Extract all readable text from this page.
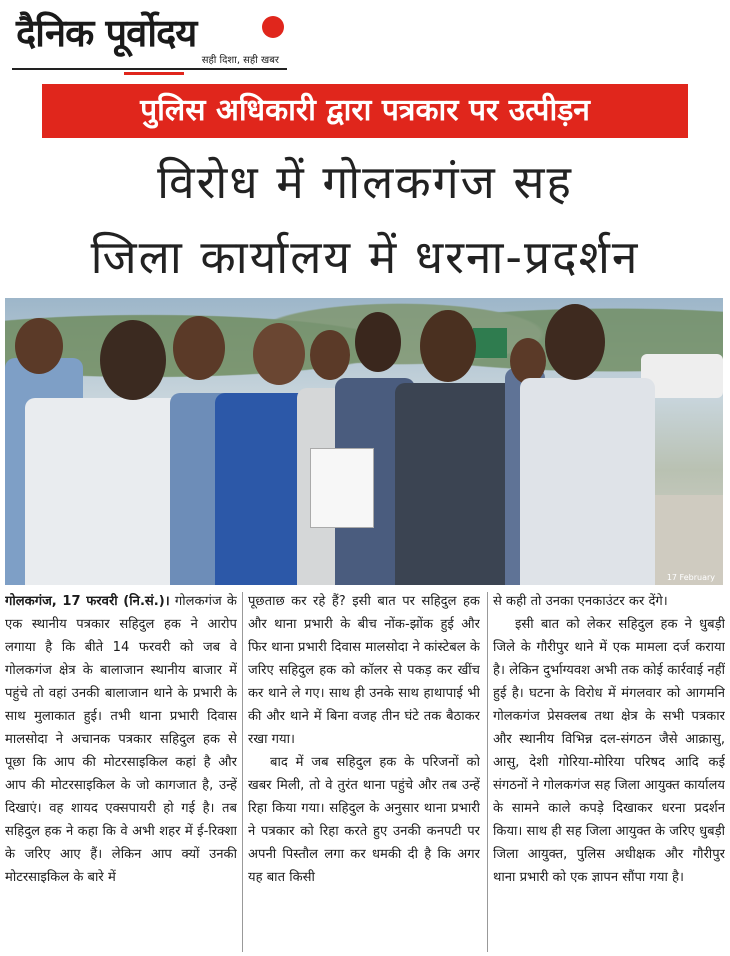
दैनिक पूर्वोदय
सही दिशा, सही खबर
पुलिस अधिकारी द्वारा पत्रकार पर उत्पीड़न
विरोध में गोलकगंज सह
जिला कार्यालय में धरना-प्रदर्शन
17 February

गोलकगंज, 17 फरवरी (नि.सं.)। गोलकगंज के एक स्थानीय पत्रकार सहिदुल हक ने आरोप लगाया है कि बीते 14 फरवरी को जब वे गोलकगंज क्षेत्र के बालाजान स्थानीय बाजार में पहुंचे तो वहां उनकी बालाजान थाने के प्रभारी के साथ मुलाकात हुई। तभी थाना प्रभारी दिवास मालसोदा ने अचानक पत्रकार सहिदुल हक से पूछा कि आप की मोटरसाइकिल कहां है और आप की मोटरसाइकिल के जो कागजात है, उन्हें दिखाएं। वह शायद एक्सपायरी हो गई है। तब सहिदुल हक ने कहा कि वे अभी शहर में ई-रिक्शा के जरिए आए हैं। लेकिन आप क्यों उनकी मोटरसाइकिल के बारे में

पूछताछ कर रहे हैं? इसी बात पर सहिदुल हक और थाना प्रभारी के बीच नोंक-झोंक हुई और फिर थाना प्रभारी दिवास मालसोदा ने कांस्टेबल के जरिए सहिदुल हक को कॉलर से पकड़ कर खींच कर थाने ले गए। साथ ही उनके साथ हाथापाई भी की और थाने में बिना वजह तीन घंटे तक बैठाकर रखा गया।

बाद में जब सहिदुल हक के परिजनों को खबर मिली, तो वे तुरंत थाना पहुंचे और तब उन्हें रिहा किया गया। सहिदुल के अनुसार थाना प्रभारी ने पत्रकार को रिहा करते हुए उनकी कनपटी पर अपनी पिस्तौल लगा कर धमकी दी है कि अगर यह बात किसी

से कही तो उनका एनकाउंटर कर देंगे।

इसी बात को लेकर सहिदुल हक ने धुबड़ी जिले के गौरीपुर थाने में एक मामला दर्ज कराया है। लेकिन दुर्भाग्यवश अभी तक कोई कार्रवाई नहीं हुई है। घटना के विरोध में मंगलवार को आगमनि गोलकगंज प्रेसक्लब तथा क्षेत्र के सभी पत्रकार और स्थानीय विभिन्न दल-संगठन जैसे आक्रासु, आसु, देशी गोरिया-मोरिया परिषद आदि कई संगठनों ने गोलकगंज सह जिला आयुक्त कार्यालय के सामने काले कपड़े दिखाकर धरना प्रदर्शन किया। साथ ही सह जिला आयुक्त के जरिए धुबड़ी जिला आयुक्त, पुलिस अधीक्षक और गौरीपुर थाना प्रभारी को एक ज्ञापन सौंपा गया है।
